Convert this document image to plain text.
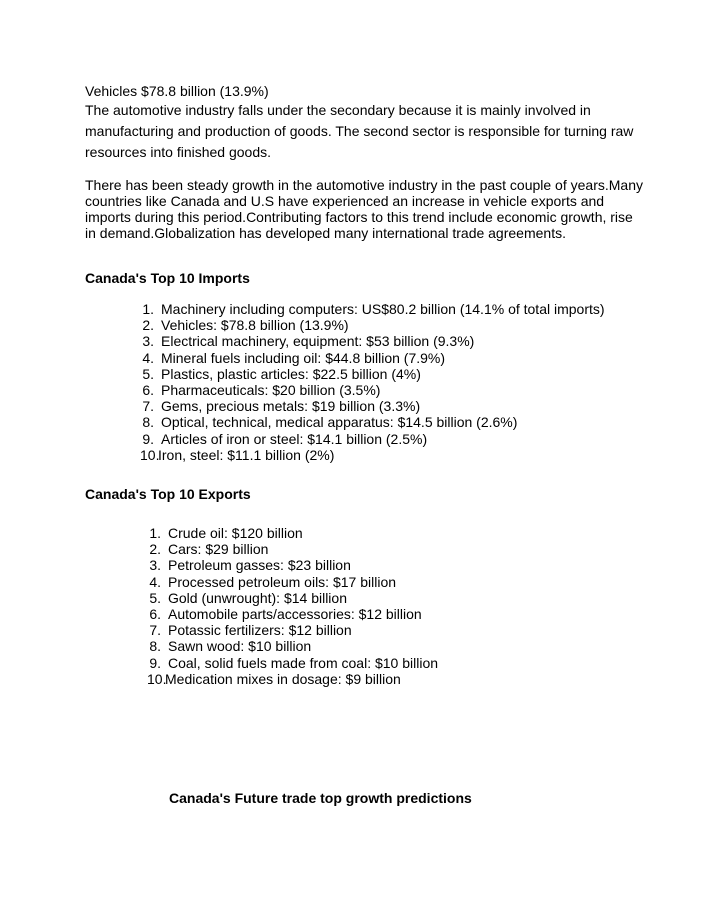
Vehicles $78.8 billion (13.9%)

The automotive industry falls under the secondary because it is mainly involved in manufacturing and production of goods. The second sector is responsible for turning raw resources into finished goods.

There has been steady growth in the automotive industry in the past couple of years.Many countries like Canada and U.S have experienced an increase in vehicle exports and imports during this period.Contributing factors to this trend include economic growth, rise in demand.Globalization has developed many international trade agreements.

Canada's Top 10 Imports
1. Machinery including computers: US$80.2 billion (14.1% of total imports)
2. Vehicles: $78.8 billion (13.9%)
3. Electrical machinery, equipment: $53 billion (9.3%)
4. Mineral fuels including oil: $44.8 billion (7.9%)
5. Plastics, plastic articles: $22.5 billion (4%)
6. Pharmaceuticals: $20 billion (3.5%)
7. Gems, precious metals: $19 billion (3.3%)
8. Optical, technical, medical apparatus: $14.5 billion (2.6%)
9. Articles of iron or steel: $14.1 billion (2.5%)
10.Iron, steel: $11.1 billion (2%)
Canada's Top 10 Exports
1. Crude oil: $120 billion
2. Cars: $29 billion
3. Petroleum gasses: $23 billion
4. Processed petroleum oils: $17 billion
5. Gold (unwrought): $14 billion
6. Automobile parts/accessories: $12 billion
7. Potassic fertilizers: $12 billion
8. Sawn wood: $10 billion
9. Coal, solid fuels made from coal: $10 billion
10.Medication mixes in dosage: $9 billion
Canada's Future trade top growth predictions
